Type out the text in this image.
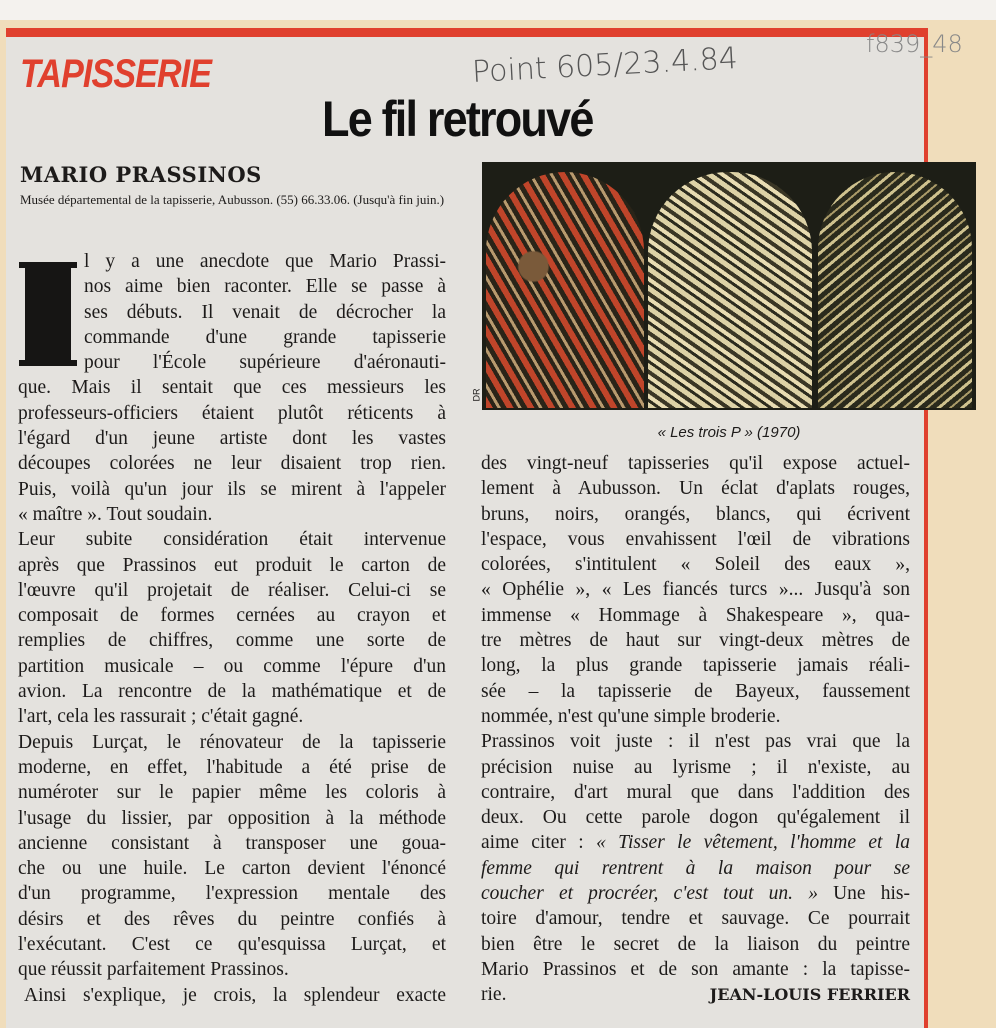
TAPISSERIE	Point 605/23.4.84	f839_48
Le fil retrouvé
MARIO PRASSINOS
Musée départemental de la tapisserie, Aubusson. (55) 66.33.06. (Jusqu'à fin juin.)
DR
« Les trois P » (1970)
l y a une anecdote que Mario Prassi-
nos aime bien raconter. Elle se passe à
ses débuts. Il venait de décrocher la
commande d'une grande tapisserie
pour l'École supérieure d'aéronauti-
que. Mais il sentait que ces messieurs les
professeurs-officiers étaient plutôt réticents à
l'égard d'un jeune artiste dont les vastes
découpes colorées ne leur disaient trop rien.
Puis, voilà qu'un jour ils se mirent à l'appeler
« maître ». Tout soudain.
Leur subite considération était intervenue
après que Prassinos eut produit le carton de
l'œuvre qu'il projetait de réaliser. Celui-ci se
composait de formes cernées au crayon et
remplies de chiffres, comme une sorte de
partition musicale – ou comme l'épure d'un
avion. La rencontre de la mathématique et de
l'art, cela les rassurait ; c'était gagné.
Depuis Lurçat, le rénovateur de la tapisserie
moderne, en effet, l'habitude a été prise de
numéroter sur le papier même les coloris à
l'usage du lissier, par opposition à la méthode
ancienne consistant à transposer une goua-
che ou une huile. Le carton devient l'énoncé
d'un programme, l'expression mentale des
désirs et des rêves du peintre confiés à
l'exécutant. C'est ce qu'esquissa Lurçat, et
que réussit parfaitement Prassinos.
Ainsi s'explique, je crois, la splendeur exacte
des vingt-neuf tapisseries qu'il expose actuel-
lement à Aubusson. Un éclat d'aplats rouges,
bruns, noirs, orangés, blancs, qui écrivent
l'espace, vous envahissent l'œil de vibrations
colorées, s'intitulent « Soleil des eaux »,
« Ophélie », « Les fiancés turcs »... Jusqu'à son
immense « Hommage à Shakespeare », qua-
tre mètres de haut sur vingt-deux mètres de
long, la plus grande tapisserie jamais réali-
sée – la tapisserie de Bayeux, faussement
nommée, n'est qu'une simple broderie.
Prassinos voit juste : il n'est pas vrai que la
précision nuise au lyrisme ; il n'existe, au
contraire, d'art mural que dans l'addition des
deux. Ou cette parole dogon qu'également il
aime citer : « Tisser le vêtement, l'homme et la
femme qui rentrent à la maison pour se
coucher et procréer, c'est tout un. » Une his-
toire d'amour, tendre et sauvage. Ce pourrait
bien être le secret de la liaison du peintre
Mario Prassinos et de son amante : la tapisse-
rie.	JEAN-LOUIS FERRIER
